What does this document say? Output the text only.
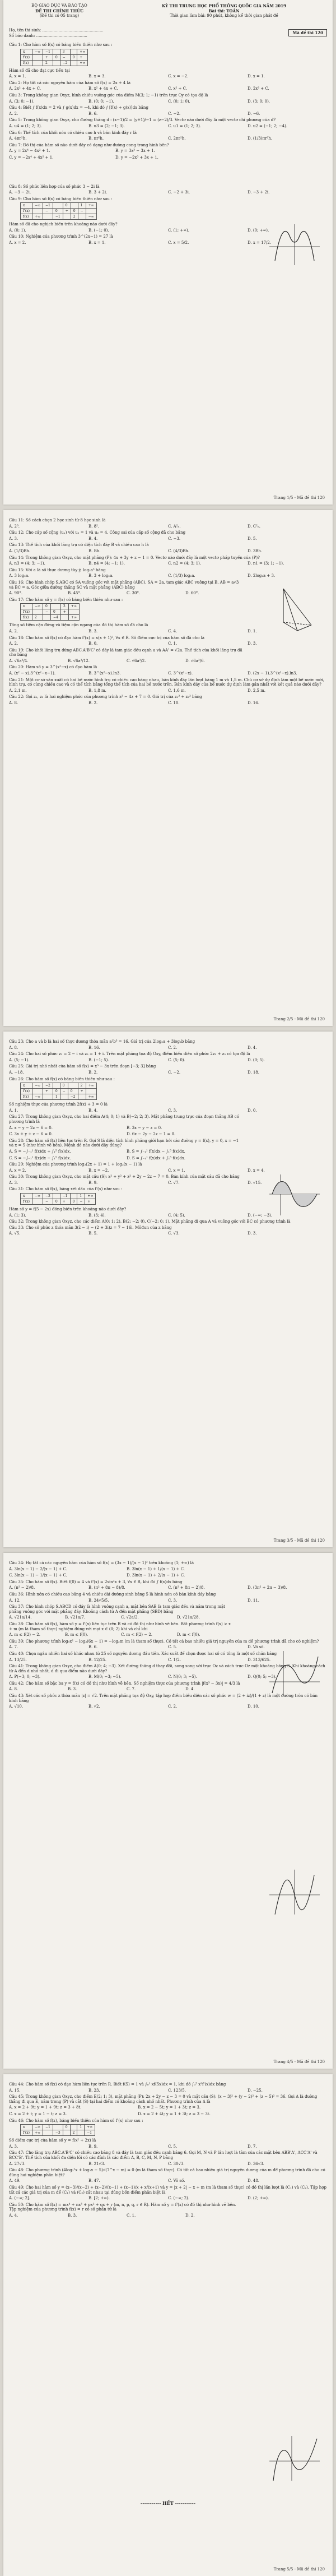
BỘ GIÁO DỤC VÀ ĐÀO TẠO
ĐỀ THI CHÍNH THỨC
(Đề thi có 05 trang)
KỲ THI TRUNG HỌC PHỔ THÔNG QUỐC GIA NĂM 2019
Bài thi: TOÁN
Thời gian làm bài: 90 phút, không kể thời gian phát đề
Họ, tên thí sinh: .................................................
Số báo danh: .........................................
Mã đề thi 120
Câu 1: Cho hàm số f(x) có bảng biến thiên như sau :
x	−∞	−1		3		+∞
f'(x)		+	0	−	0	+
f(x)		2		−2		+∞
Hàm số đã cho đạt cực tiểu tại
A. x = 1.	B. x = 3.	C. x = −2.	D. x = 1.
Câu 2: Họ tất cả các nguyên hàm của hàm số f(x) = 2x + 4 là
A. 2x² + 4x + C.	B. x² + 4x + C.	C. x² + C.	D. 2x² + C.
Câu 3: Trong không gian Oxyz, hình chiếu vuông góc của điểm M(3; 1; −1) trên trục Oy có tọa độ là
A. (3; 0; −1).	B. (0; 0; −1).	C. (0; 1; 0).	D. (3; 0; 0).
Câu 4: Biết ∫ f(x)dx = 2 và ∫ g(x)dx = −4, khi đó ∫ [f(x) + g(x)]dx bằng
A. 2.	B. 6.	C. −2.	D. −6.
Câu 5: Trong không gian Oxyz, cho đường thẳng d : (x−1)/2 = (y+1)/−1 = (z−2)/3. Vectơ nào dưới đây là một vectơ chỉ phương của d?
A. u4 = (1; 2; 3).	B. u3 = (2; −1; 3).	C. u1 = (1; 2; 3).	D. u2 = (−1; 2; −4).
Câu 6: Thể tích của khối nón có chiều cao h và bán kính đáy r là
A. 4πr²h.	B. πr²h.	C. 2πr²h.	D. (1/3)πr²h.
Câu 7: Đồ thị của hàm số nào dưới đây có dạng như đường cong trong hình bên?
A. y = 2x⁴ − 4x² + 1.	B. y = 3x³ − 3x + 1.
C. y = −2x⁴ + 4x² + 1.	D. y = −2x³ + 3x + 1.
Câu 8: Số phức liên hợp của số phức 3 − 2i là
A. −3 − 2i.	B. 3 + 2i.	C. −2 + 3i.	D. −3 + 2i.
Câu 9: Cho hàm số f(x) có bảng biến thiên như sau :
x	−∞	−1		0		1	+∞
f'(x)		−	0	+	0	−	
f(x)	+∞		−1		2		−∞
Hàm số đã cho nghịch biến trên khoảng nào dưới đây?
A. (0; 1).	B. (−1; 0).	C. (1; +∞).	D. (0; +∞).
Câu 10: Nghiệm của phương trình 3^(2x−1) = 27 là
A. x = 2.	B. x = 1.	C. x = 5/2.	D. x = 17/2.
Trang 1/5 - Mã đề thi 120
Câu 11: Số cách chọn 2 học sinh từ 8 học sinh là
A. 2⁸.	B. 8².	C. A²₈.	D. C²₈.
Câu 12: Cho cấp số cộng (uₙ) với u₁ = 1 và u₂ = 4. Công sai của cấp số cộng đã cho bằng
A. 3.	B. 4.	C. −3.	D. 5.
Câu 13: Thể tích của khối lăng trụ có diện tích đáy B và chiều cao h là
A. (1/3)Bh.	B. Bh.	C. (4/3)Bh.	D. 3Bh.
Câu 14: Trong không gian Oxyz, cho mặt phẳng (P): 4x + 3y + z − 1 = 0. Vectơ nào dưới đây là một vectơ pháp tuyến của (P)?
A. n3 = (4; 3; −1).	B. n4 = (4; −1; 1).	C. n2 = (4; 3; 1).	D. n1 = (3; 1; −1).
Câu 15: Với a là số thực dương tùy ý, log₂a³ bằng
A. 3 log₂a.	B. 3 + log₂a.	C. (1/3) log₂a.	D. 2log₂a + 3.
Câu 16: Cho hình chóp S.ABC có SA vuông góc với mặt phẳng (ABC), SA = 2a, tam giác ABC vuông tại B, AB = a√3 và BC = a. Góc giữa đường thẳng SC và mặt phẳng (ABC) bằng
A. 90°.	B. 45°.	C. 30°.	D. 60°.
Câu 17: Cho hàm số y = f(x) có bảng biến thiên như sau :
x	−∞	0		3	+∞
f'(x)		−	0	+	
f(x)	2		−4		+∞
Tổng số tiệm cận đứng và tiệm cận ngang của đồ thị hàm số đã cho là
A. 2.	B. 3.	C. 4.	D. 1.
Câu 18: Cho hàm số f(x) có đạo hàm f'(x) = x(x + 1)², ∀x ∈ R. Số điểm cực trị của hàm số đã cho là
A. 2.	B. 0.	C. 1.	D. 3.
Câu 19: Cho khối lăng trụ đứng ABC.A'B'C' có đáy là tam giác đều cạnh a và AA' = √2a. Thể tích của khối lăng trụ đã cho bằng
A. √6a³/4.	B. √6a³/12.	C. √6a³/2.	D. √6a³/6.
Câu 20: Hàm số y = 3^(x²−x) có đạo hàm là
A. (x² − x).3^(x²−x−1).	B. 3^(x²−x).ln3.	C. 3^(x²−x).	D. (2x − 1).3^(x²−x).ln3.
Câu 21: Một cơ sở sản xuất có hai bể nước hình trụ có chiều cao bằng nhau, bán kính đáy lần lượt bằng 1 m và 1,5 m. Chủ cơ sở dự định làm một bể nước mới, hình trụ, có cùng chiều cao và có thể tích bằng tổng thể tích của hai bể nước trên. Bán kính đáy của bể nước dự định làm gần nhất với kết quả nào dưới đây?
A. 2,1 m.	B. 1,8 m.	C. 1,6 m.	D. 2,5 m.
Câu 22: Gọi z₁, z₂ là hai nghiệm phức của phương trình z² − 4z + 7 = 0. Giá trị của z₁² + z₂² bằng
A. 8.	B. 2.	C. 10.	D. 16.
Trang 2/5 - Mã đề thi 120
Câu 23: Cho a và b là hai số thực dương thỏa mãn a²b³ = 16. Giá trị của 2log₂a + 3log₂b bằng
A. 8.	B. 16.	C. 2.	D. 4.
Câu 24: Cho hai số phức z₁ = 2 − i và z₂ = 1 + i. Trên mặt phẳng tọa độ Oxy, điểm biểu diễn số phức 2z₁ + z₂ có tọa độ là
A. (5; −1).	B. (−1; 5).	C. (5; 0).	D. (0; 5).
Câu 25: Giá trị nhỏ nhất của hàm số f(x) = x³ − 3x trên đoạn [−3; 3] bằng
A. −18.	B. 2.	C. −2.	D. 18.
Câu 26: Cho hàm số f(x) có bảng biến thiên như sau :
x	−∞	−2		0		2	+∞
f'(x)		+	0	−	0	+	
f(x)	−∞		1		−2		+∞
Số nghiệm thực của phương trình 2f(x) + 3 = 0 là
A. 1.	B. 4.	C. 3.	D. 0.
Câu 27: Trong không gian Oxyz, cho hai điểm A(4; 0; 1) và B(−2; 2; 3). Mặt phẳng trung trực của đoạn thẳng AB có phương trình là
A. x − y − 2z − 6 = 0.	B. 3x − y − z = 0.
C. 3x + y + z − 6 = 0.	D. 6x − 2y − 2z − 1 = 0.
Câu 28: Cho hàm số f(x) liên tục trên R. Gọi S là diện tích hình phẳng giới hạn bởi các đường y = f(x), y = 0, x = −1 và x = 5 (như hình vẽ bên). Mệnh đề nào dưới đây đúng?
A. S = −∫₋₁¹ f(x)dx + ∫₁⁵ f(x)dx.	B. S = ∫₋₁¹ f(x)dx − ∫₁⁵ f(x)dx.
C. S = −∫₋₁¹ f(x)dx − ∫₁⁵ f(x)dx.	D. S = ∫₋₁¹ f(x)dx + ∫₁⁵ f(x)dx.
Câu 29: Nghiệm của phương trình log₃(2x + 1) = 1 + log₃(x − 1) là
A. x = 2.	B. x = −2.	C. x = 1.	D. x = 4.
Câu 30: Trong không gian Oxyz, cho mặt cầu (S): x² + y² + z² + 2y − 2z − 7 = 0. Bán kính của mặt cầu đã cho bằng
A. 3.	B. 9.	C. √7.	D. √15.
Câu 31: Cho hàm số f(x), bảng xét dấu của f'(x) như sau :
x	−∞	−3		−1		1	+∞
f'(x)		−	0	+	0	−	+
Hàm số y = f(5 − 2x) đồng biến trên khoảng nào dưới đây?
A. (1; 3).	B. (3; 4).	C. (4; 5).	D. (−∞; −3).
Câu 32: Trong không gian Oxyz, cho các điểm A(0; 1; 2), B(2; −2; 0), C(−2; 0; 1). Mặt phẳng đi qua A và vuông góc với BC có phương trình là
Câu 33: Cho số phức z thỏa mãn 3(z̄ − i) − (2 + 3i)z = 7 − 16i. Môđun của z bằng
A. √5.	B. 5.	C. √3.	D. 3.
Trang 3/5 - Mã đề thi 120
Câu 34: Họ tất cả các nguyên hàm của hàm số f(x) = (3x − 1)/(x − 1)² trên khoảng (1; +∞) là
A. 3ln(x − 1) − 2/(x − 1) + C.	B. 3ln(x − 1) + 1/(x − 1) + C.
C. 3ln(x − 1) − 1/(x − 1) + C.	D. 3ln(x − 1) + 2/(x − 1) + C.
Câu 35: Cho hàm số f(x). Biết f(0) = 4 và f'(x) = 2sin²x + 3, ∀x ∈ R, khi đó ∫ f(x)dx bằng
A. (π² − 2)/8.	B. (π² + 8π − 8)/8.	C. (π² + 8π − 2)/8.	D. (3π² + 2π − 3)/8.
Câu 36: Hình nón có chiều cao bằng 4 và chiều dài đường sinh bằng 5 là hình nón có bán kính đáy bằng
A. 12.	B. 24√5/5.	C. 3.	D. 11.
Câu 37: Cho hình chóp S.ABCD có đáy là hình vuông cạnh a, mặt bên SAB là tam giác đều và nằm trong mặt phẳng vuông góc với mặt phẳng đáy. Khoảng cách từ A đến mặt phẳng (SBD) bằng
A. √21a/14.	B. √21a/7.	C. √2a/2.	D. √21a/28.
Câu 38: Cho hàm số f(x), hàm số y = f'(x) liên tục trên R và có đồ thị như hình vẽ bên. Bất phương trình f(x) > x + m (m là tham số thực) nghiệm đúng với mọi x ∈ (0; 2) khi và chỉ khi
A. m ≤ f(2) − 2.	B. m ≤ f(0).	C. m < f(2) − 2.	D. m < f(0).
Câu 39: Cho phương trình log₉x² − log₃(6x − 1) = −log₃m (m là tham số thực). Có tất cả bao nhiêu giá trị nguyên của m để phương trình đã cho có nghiệm?
A. 7.	B. 6.	C. 5.	D. Vô số.
Câu 40: Chọn ngẫu nhiên hai số khác nhau từ 25 số nguyên dương đầu tiên. Xác suất để chọn được hai số có tổng là một số chẵn bằng
A. 13/25.	B. 12/25.	C. 1/2.	D. 313/625.
Câu 41: Trong không gian Oxyz, cho điểm A(0; 4; −3). Xét đường thẳng d thay đổi, song song với trục Oz và cách trục Oz một khoảng bằng 3. Khi khoảng cách từ A đến d nhỏ nhất, d đi qua điểm nào dưới đây?
A. P(−3; 0; −3).	B. M(0; −3; −5).	C. N(0; 3; −5).	D. Q(0; 5; −3).
Câu 42: Cho hàm số bậc ba y = f(x) có đồ thị như hình vẽ bên. Số nghiệm thực của phương trình |f(x³ − 3x)| = 4/3 là
A. 8.	B. 3.	C. 7.	D. 4.
Câu 43: Xét các số phức z thỏa mãn |z| = √2. Trên mặt phẳng tọa độ Oxy, tập hợp điểm biểu diễn các số phức w = (2 + iz)/(1 + z) là một đường tròn có bán kính bằng
A. √10.	B. √2.	C. 2.	D. 10.
Trang 4/5 - Mã đề thi 120
Câu 44: Cho hàm số f(x) có đạo hàm liên tục trên R. Biết f(5) = 1 và ∫₀¹ xf(5x)dx = 1, khi đó ∫₀⁵ x²f'(x)dx bằng
A. 15.	B. 23.	C. 123/5.	D. −25.
Câu 45: Trong không gian Oxyz, cho điểm E(2; 1; 3), mặt phẳng (P): 2x + 2y − z − 3 = 0 và mặt cầu (S): (x − 3)² + (y − 2)² + (z − 5)² = 36. Gọi Δ là đường thẳng đi qua E, nằm trong (P) và cắt (S) tại hai điểm có khoảng cách nhỏ nhất. Phương trình của Δ là
A. x = 2 + 9t; y = 1 + 9t; z = 3 + 8t.	B. x = 2 − 5t; y = 1 + 3t; z = 3.
C. x = 2 + t; y = 1 − t; z = 3.	D. x = 2 + 4t; y = 1 + 3t; z = 3 − 3t.
Câu 46: Cho hàm số f(x), bảng biến thiên của hàm số f'(x) như sau :
x	−∞	−1		0		1	+∞
f'(x)	+∞		−3		2		−1
Số điểm cực trị của hàm số y = f(x² + 2x) là
A. 3.	B. 9.	C. 5.	D. 7.
Câu 47: Cho lăng trụ ABC.A'B'C' có chiều cao bằng 8 và đáy là tam giác đều cạnh bằng 6. Gọi M, N và P lần lượt là tâm của các mặt bên ABB'A', ACC'A' và BCC'B'. Thể tích của khối đa diện lồi có các đỉnh là các điểm A, B, C, M, N, P bằng
A. 27√3.	B. 21√3.	C. 30√3.	D. 36√3.
Câu 48: Cho phương trình (4log₂²x + log₂x − 5)√(7^x − m) = 0 (m là tham số thực). Có tất cả bao nhiêu giá trị nguyên dương của m để phương trình đã cho có đúng hai nghiệm phân biệt?
A. 49.	B. 47.	C. Vô số.	D. 48.
Câu 49: Cho hai hàm số y = (x−3)/(x−2) + (x−2)/(x−1) + (x−1)/x + x/(x+1) và y = |x + 2| − x + m (m là tham số thực) có đồ thị lần lượt là (C₁) và (C₂). Tập hợp tất cả các giá trị của m để (C₁) và (C₂) cắt nhau tại đúng bốn điểm phân biệt là
A. (−∞; 2].	B. [2; +∞).	C. (−∞; 2).	D. (2; +∞).
Câu 50: Cho hàm số f(x) = mx⁴ + nx³ + px² + qx + r (m, n, p, q, r ∈ R). Hàm số y = f'(x) có đồ thị như hình vẽ bên. Tập nghiệm của phương trình f(x) = r có số phần tử là
A. 4.	B. 3.	C. 1.	D. 2.
----------- HẾT -----------
Trang 5/5 - Mã đề thi 120
